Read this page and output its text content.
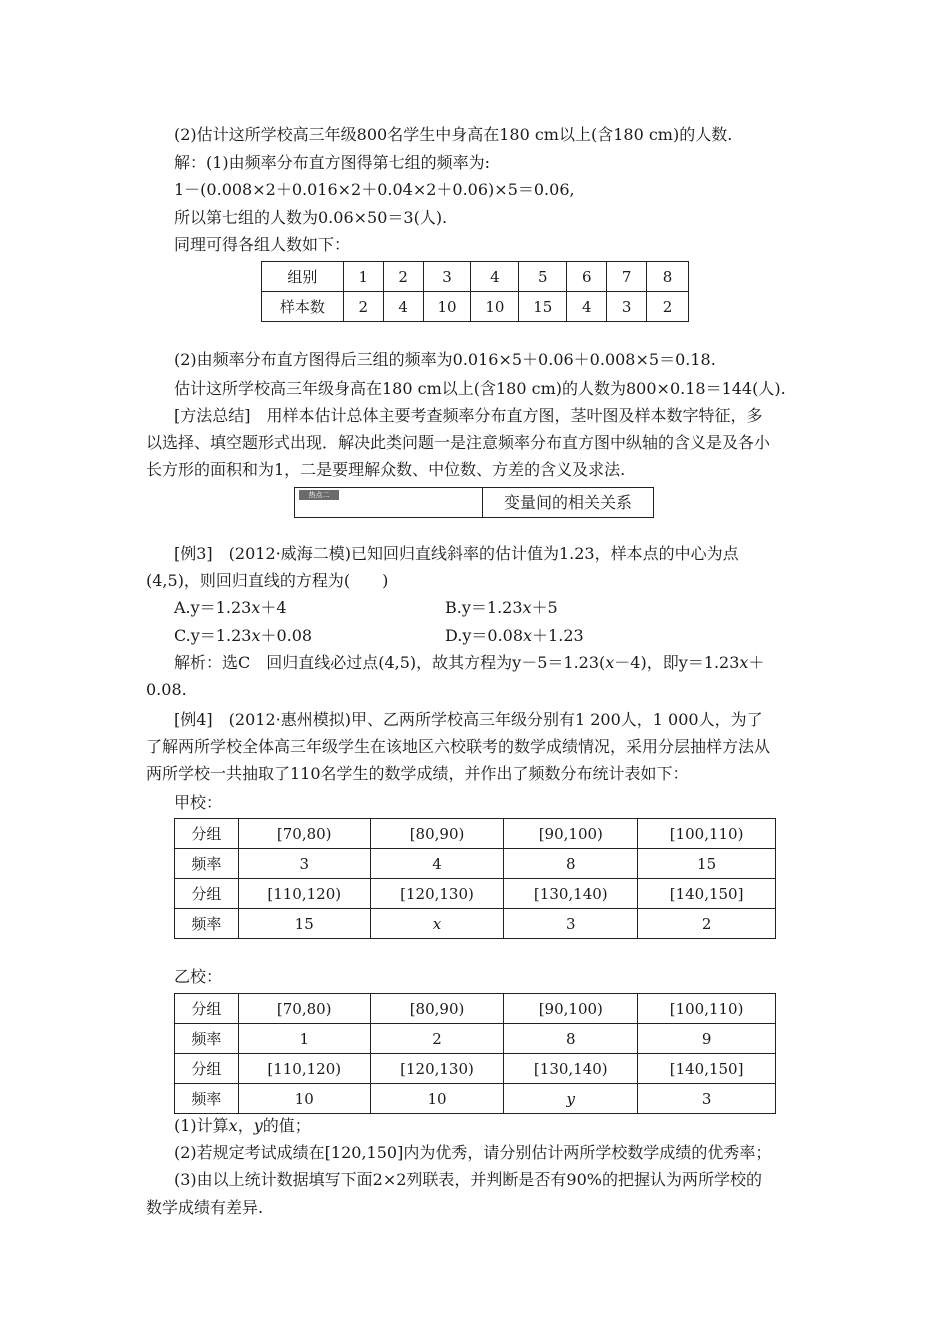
(2)估计这所学校高三年级800名学生中身高在180 cm以上(含180 cm)的人数.
解：(1)由频率分布直方图得第七组的频率为:
1－(0.008×2＋0.016×2＋0.04×2＋0.06)×5＝0.06,
所以第七组的人数为0.06×50＝3(人).
同理可得各组人数如下：
组别	1	2	3	4	5	6	7	8
样本数	2	4	10	10	15	4	3	2
(2)由频率分布直方图得后三组的频率为0.016×5＋0.06＋0.008×5＝0.18.
估计这所学校高三年级身高在180 cm以上(含180 cm)的人数为800×0.18＝144(人).
[方法总结]　用样本估计总体主要考查频率分布直方图，茎叶图及样本数字特征，多
以选择、填空题形式出现．解决此类问题一是注意频率分布直方图中纵轴的含义是及各小
长方形的面积和为1，二是要理解众数、中位数、方差的含义及求法.
热点二	变量间的相关关系
[例3]　(2012·威海二模)已知回归直线斜率的估计值为1.23，样本点的中心为点
(4,5)，则回归直线的方程为(　　)
A.y＝1.23x＋4	B.y＝1.23x＋5
C.y＝1.23x＋0.08	D.y＝0.08x＋1.23
解析：选C　回归直线必过点(4,5)，故其方程为y－5＝1.23(x－4)，即y＝1.23x＋
0.08.
[例4]　(2012·惠州模拟)甲、乙两所学校高三年级分别有1 200人，1 000人，为了
了解两所学校全体高三年级学生在该地区六校联考的数学成绩情况，采用分层抽样方法从
两所学校一共抽取了110名学生的数学成绩，并作出了频数分布统计表如下：
甲校：
分组	[70,80)	[80,90)	[90,100)	[100,110)
频率	3	4	8	15
分组	[110,120)	[120,130)	[130,140)	[140,150]
频率	15	x	3	2
乙校：
分组	[70,80)	[80,90)	[90,100)	[100,110)
频率	1	2	8	9
分组	[110,120)	[120,130)	[130,140)	[140,150]
频率	10	10	y	3
(1)计算x，y的值；
(2)若规定考试成绩在[120,150]内为优秀，请分别估计两所学校数学成绩的优秀率；
(3)由以上统计数据填写下面2×2列联表，并判断是否有90%的把握认为两所学校的
数学成绩有差异.
